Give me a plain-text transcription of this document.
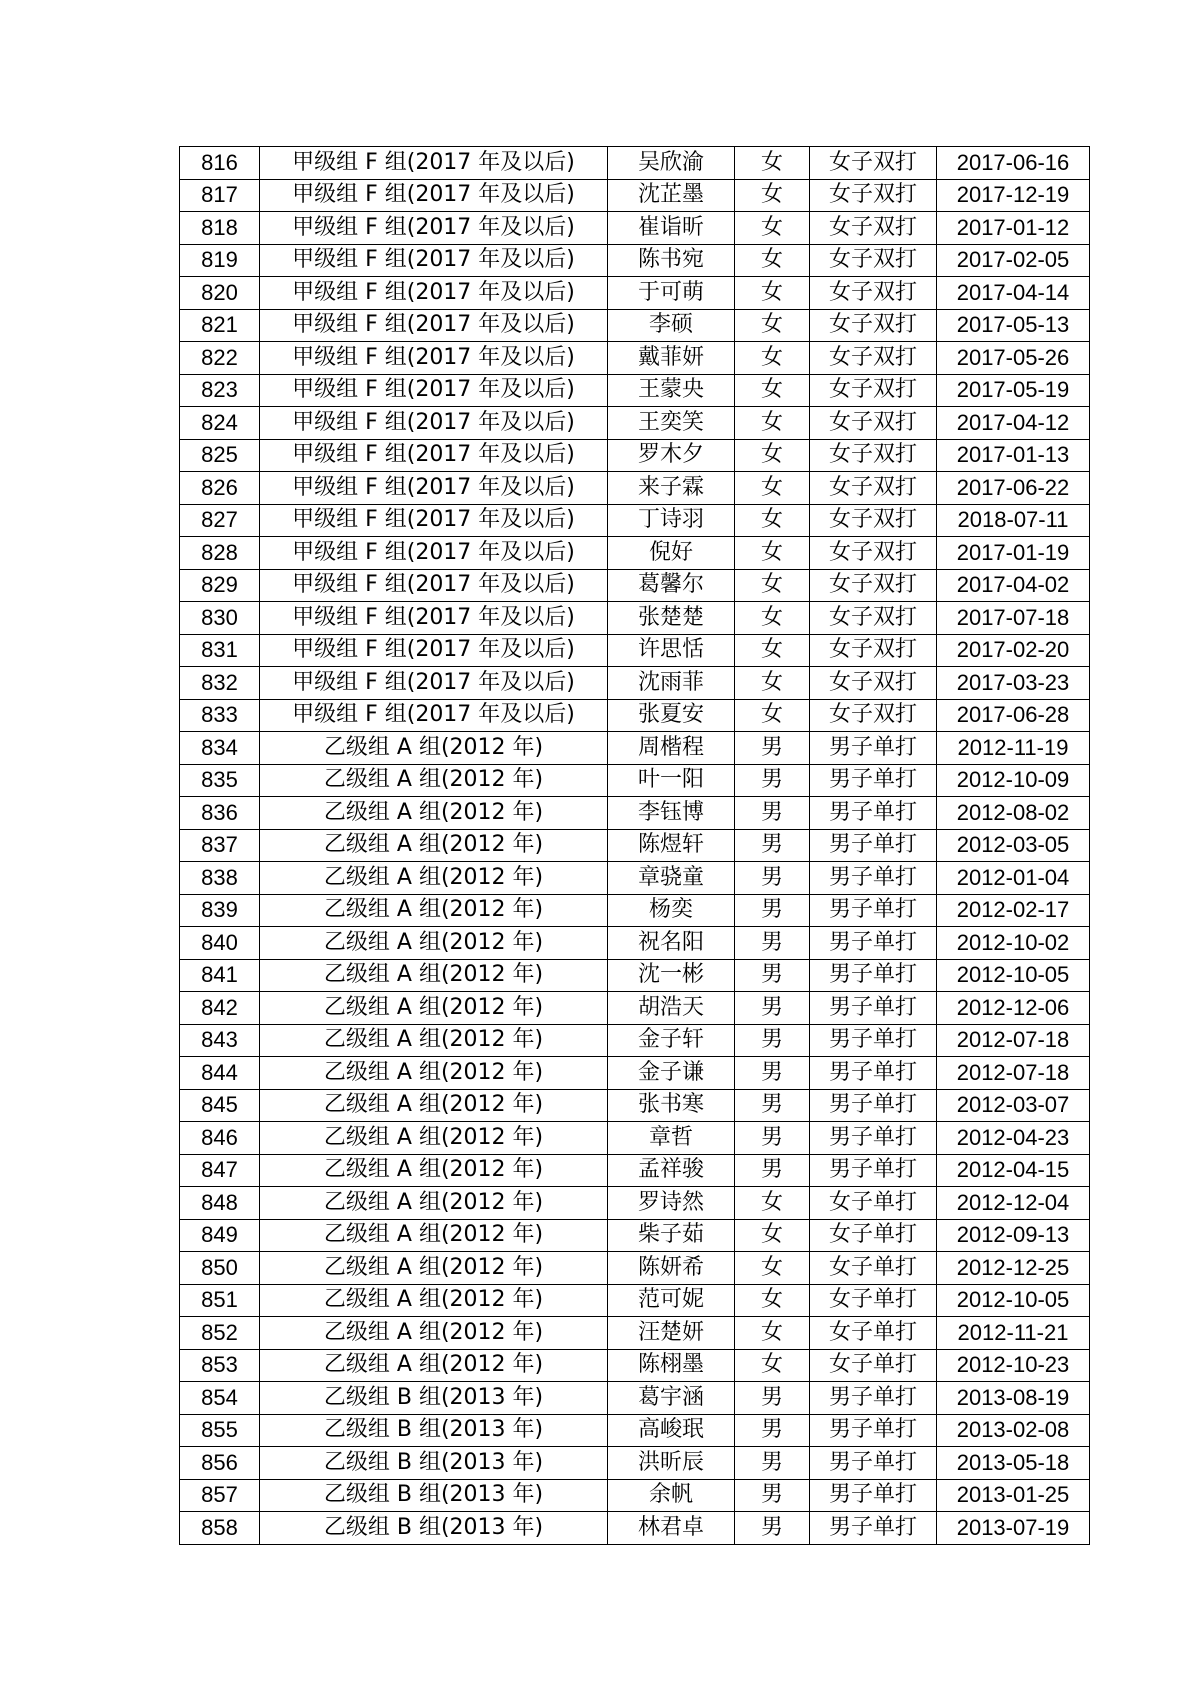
816	甲级组 F 组(2017 年及以后)	吴欣渝	女	女子双打	2017-06-16
817	甲级组 F 组(2017 年及以后)	沈芷墨	女	女子双打	2017-12-19
818	甲级组 F 组(2017 年及以后)	崔诣昕	女	女子双打	2017-01-12
819	甲级组 F 组(2017 年及以后)	陈书宛	女	女子双打	2017-02-05
820	甲级组 F 组(2017 年及以后)	于可萌	女	女子双打	2017-04-14
821	甲级组 F 组(2017 年及以后)	李硕	女	女子双打	2017-05-13
822	甲级组 F 组(2017 年及以后)	戴菲妍	女	女子双打	2017-05-26
823	甲级组 F 组(2017 年及以后)	王蒙央	女	女子双打	2017-05-19
824	甲级组 F 组(2017 年及以后)	王奕笑	女	女子双打	2017-04-12
825	甲级组 F 组(2017 年及以后)	罗木夕	女	女子双打	2017-01-13
826	甲级组 F 组(2017 年及以后)	来子霖	女	女子双打	2017-06-22
827	甲级组 F 组(2017 年及以后)	丁诗羽	女	女子双打	2018-07-11
828	甲级组 F 组(2017 年及以后)	倪好	女	女子双打	2017-01-19
829	甲级组 F 组(2017 年及以后)	葛馨尔	女	女子双打	2017-04-02
830	甲级组 F 组(2017 年及以后)	张楚楚	女	女子双打	2017-07-18
831	甲级组 F 组(2017 年及以后)	许思恬	女	女子双打	2017-02-20
832	甲级组 F 组(2017 年及以后)	沈雨菲	女	女子双打	2017-03-23
833	甲级组 F 组(2017 年及以后)	张夏安	女	女子双打	2017-06-28
834	乙级组 A 组(2012 年)	周楷程	男	男子单打	2012-11-19
835	乙级组 A 组(2012 年)	叶一阳	男	男子单打	2012-10-09
836	乙级组 A 组(2012 年)	李钰博	男	男子单打	2012-08-02
837	乙级组 A 组(2012 年)	陈煜轩	男	男子单打	2012-03-05
838	乙级组 A 组(2012 年)	章骁童	男	男子单打	2012-01-04
839	乙级组 A 组(2012 年)	杨奕	男	男子单打	2012-02-17
840	乙级组 A 组(2012 年)	祝名阳	男	男子单打	2012-10-02
841	乙级组 A 组(2012 年)	沈一彬	男	男子单打	2012-10-05
842	乙级组 A 组(2012 年)	胡浩天	男	男子单打	2012-12-06
843	乙级组 A 组(2012 年)	金子轩	男	男子单打	2012-07-18
844	乙级组 A 组(2012 年)	金子谦	男	男子单打	2012-07-18
845	乙级组 A 组(2012 年)	张书寒	男	男子单打	2012-03-07
846	乙级组 A 组(2012 年)	章哲	男	男子单打	2012-04-23
847	乙级组 A 组(2012 年)	孟祥骏	男	男子单打	2012-04-15
848	乙级组 A 组(2012 年)	罗诗然	女	女子单打	2012-12-04
849	乙级组 A 组(2012 年)	柴子茹	女	女子单打	2012-09-13
850	乙级组 A 组(2012 年)	陈妍希	女	女子单打	2012-12-25
851	乙级组 A 组(2012 年)	范可妮	女	女子单打	2012-10-05
852	乙级组 A 组(2012 年)	汪楚妍	女	女子单打	2012-11-21
853	乙级组 A 组(2012 年)	陈栩墨	女	女子单打	2012-10-23
854	乙级组 B 组(2013 年)	葛宇涵	男	男子单打	2013-08-19
855	乙级组 B 组(2013 年)	高峻珉	男	男子单打	2013-02-08
856	乙级组 B 组(2013 年)	洪昕辰	男	男子单打	2013-05-18
857	乙级组 B 组(2013 年)	余帆	男	男子单打	2013-01-25
858	乙级组 B 组(2013 年)	林君卓	男	男子单打	2013-07-19
